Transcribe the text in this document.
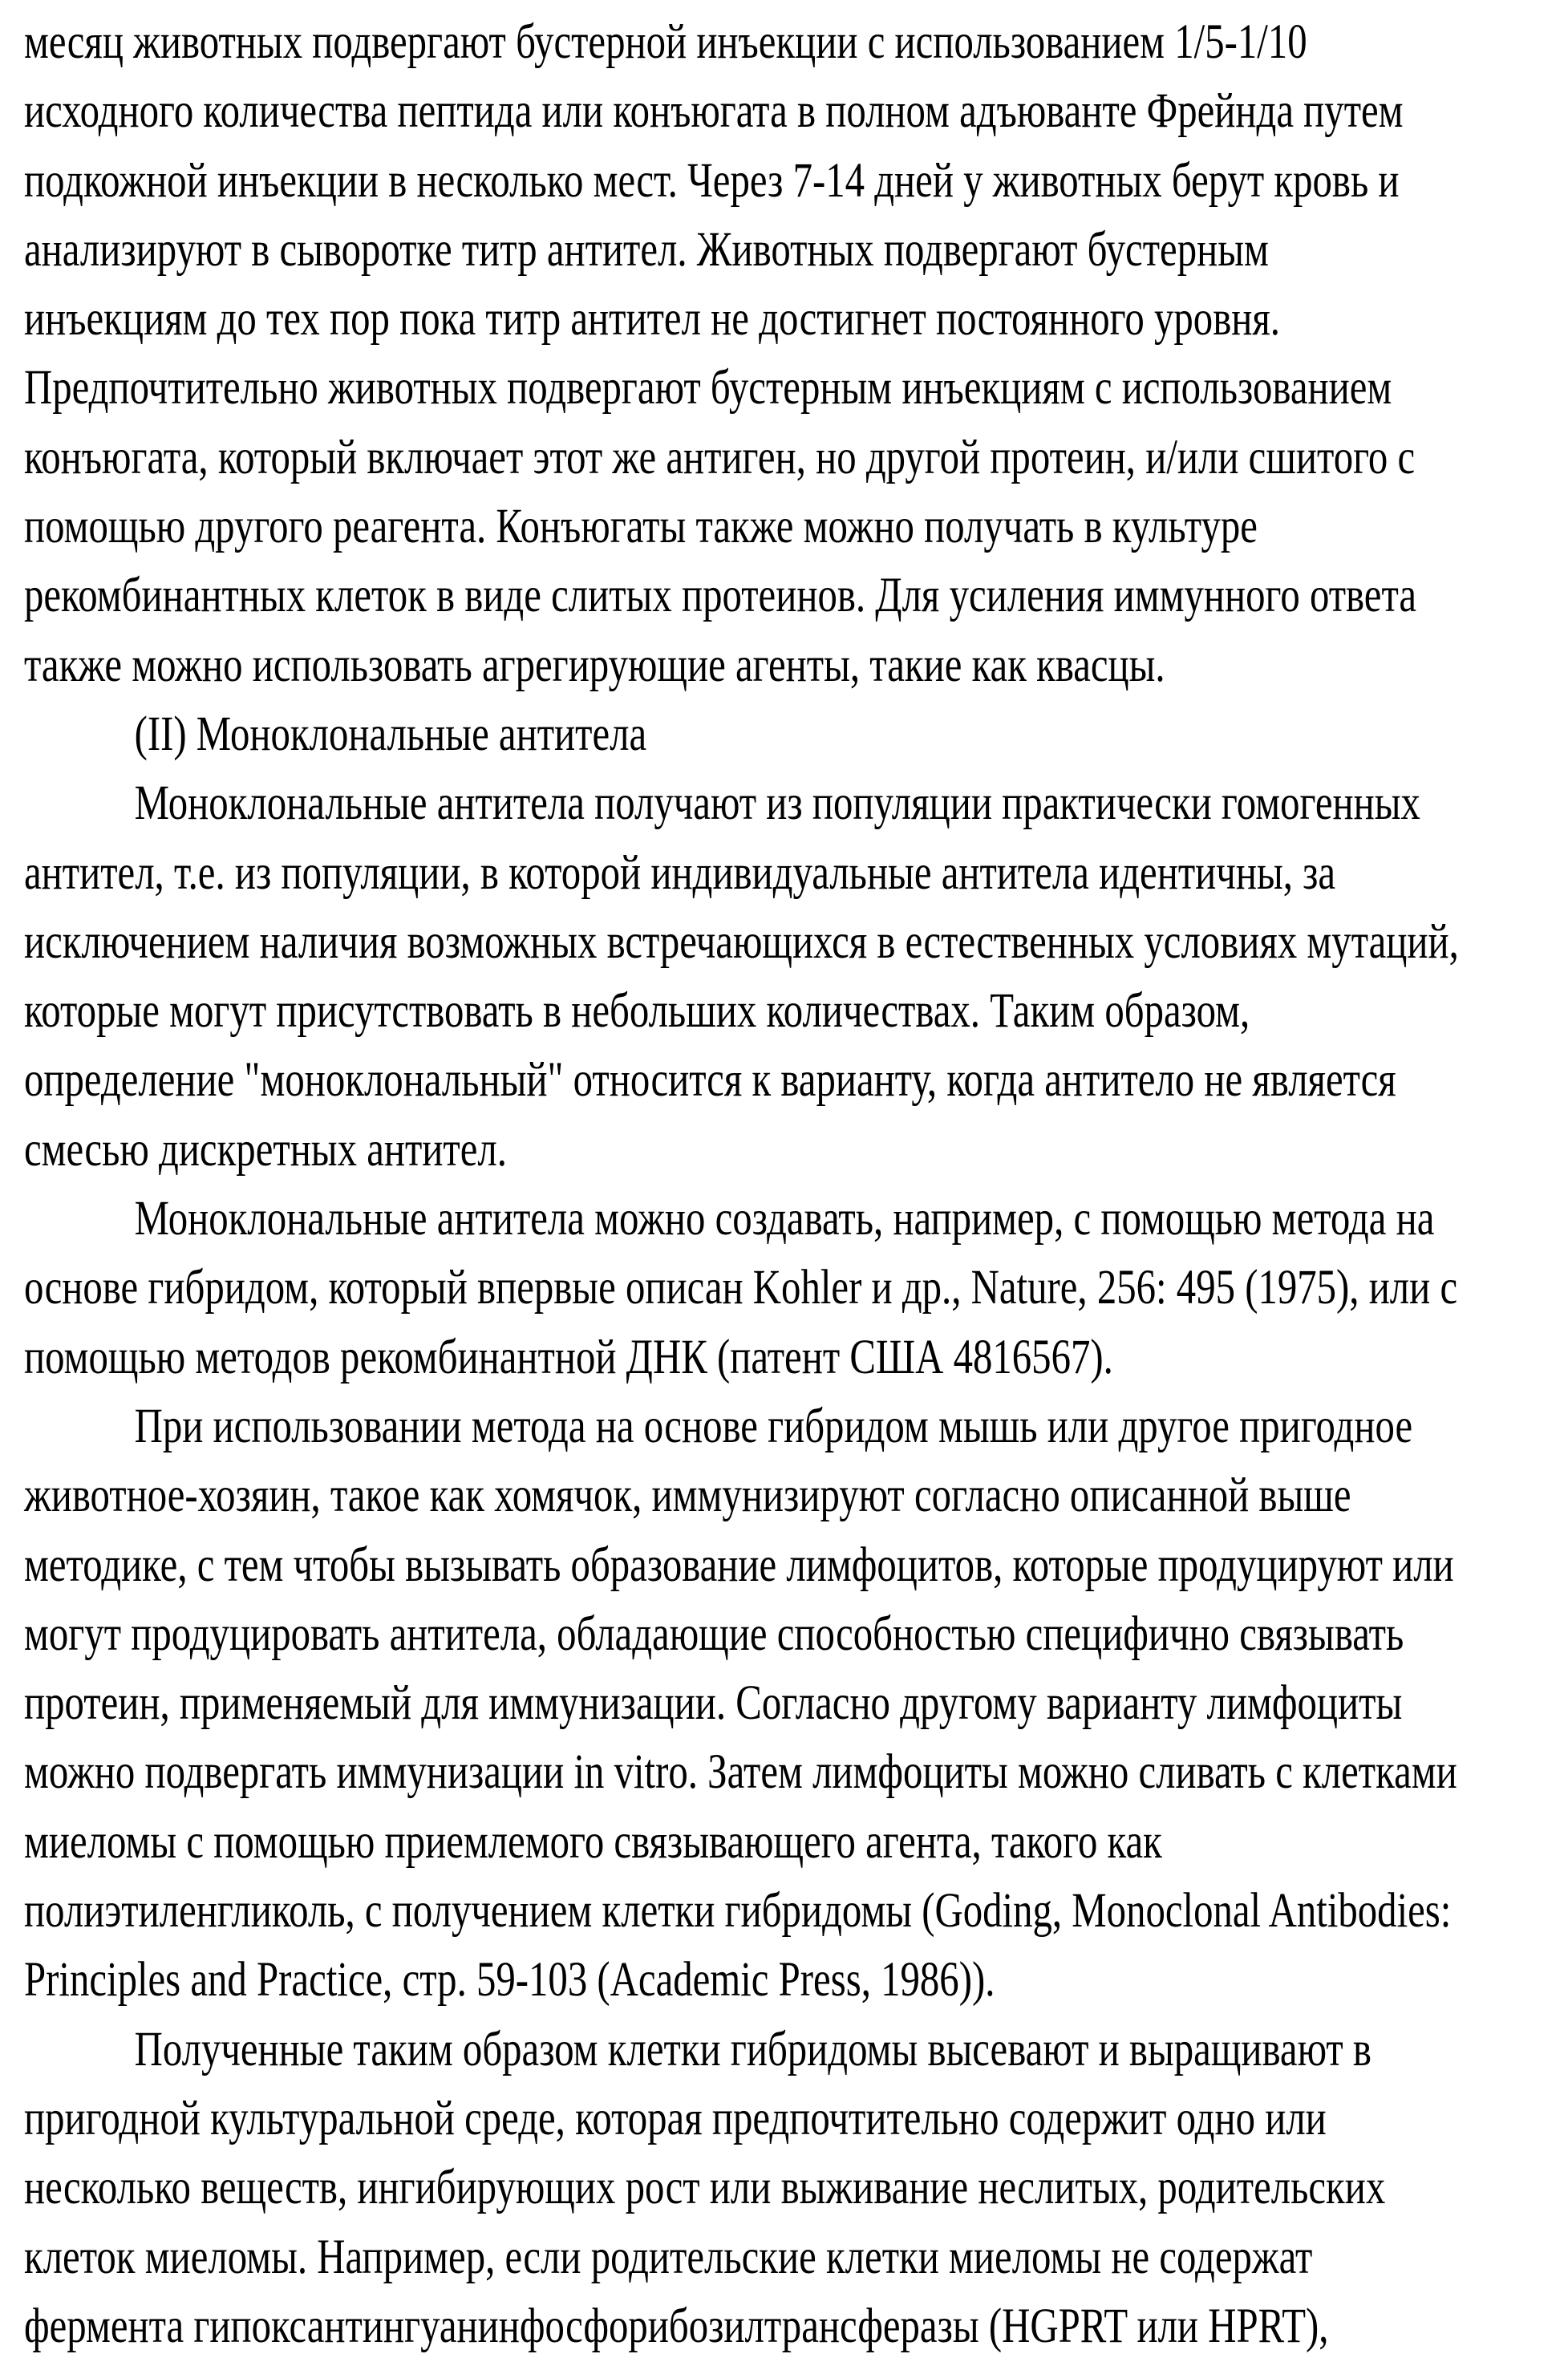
месяц животных подвергают бустерной инъекции с использованием 1/5-1/10
исходного количества пептида или конъюгата в полном адъюванте Фрейнда путем
подкожной инъекции в несколько мест. Через 7-14 дней у животных берут кровь и
анализируют в сыворотке титр антител. Животных подвергают бустерным
инъекциям до тех пор пока титр антител не достигнет постоянного уровня.
Предпочтительно животных подвергают бустерным инъекциям с использованием
конъюгата, который включает этот же антиген, но другой протеин, и/или сшитого с
помощью другого реагента. Конъюгаты также можно получать в культуре
рекомбинантных клеток в виде слитых протеинов. Для усиления иммунного ответа
также можно использовать агрегирующие агенты, такие как квасцы.
(II) Моноклональные антитела
Моноклональные антитела получают из популяции практически гомогенных
антител, т.е. из популяции, в которой индивидуальные антитела идентичны, за
исключением наличия возможных встречающихся в естественных условиях мутаций,
которые могут присутствовать в небольших количествах. Таким образом,
определение "моноклональный" относится к варианту, когда антитело не является
смесью дискретных антител.
Моноклональные антитела можно создавать, например, с помощью метода на
основе гибридом, который впервые описан Kohler и др., Nature, 256: 495 (1975), или с
помощью методов рекомбинантной ДНК (патент США 4816567).
При использовании метода на основе гибридом мышь или другое пригодное
животное-хозяин, такое как хомячок, иммунизируют согласно описанной выше
методике, с тем чтобы вызывать образование лимфоцитов, которые продуцируют или
могут продуцировать антитела, обладающие способностью специфично связывать
протеин, применяемый для иммунизации. Согласно другому варианту лимфоциты
можно подвергать иммунизации in vitro. Затем лимфоциты можно сливать с клетками
миеломы с помощью приемлемого связывающего агента, такого как
полиэтиленгликоль, с получением клетки гибридомы (Goding, Monoclonal Antibodies:
Principles and Practice, стр. 59-103 (Academic Press, 1986)).
Полученные таким образом клетки гибридомы высевают и выращивают в
пригодной культуральной среде, которая предпочтительно содержит одно или
несколько веществ, ингибирующих рост или выживание неслитых, родительских
клеток миеломы. Например, если родительские клетки миеломы не содержат
фермента гипоксантингуанинфосфорибозилтрансферазы (HGPRT или HPRT),
